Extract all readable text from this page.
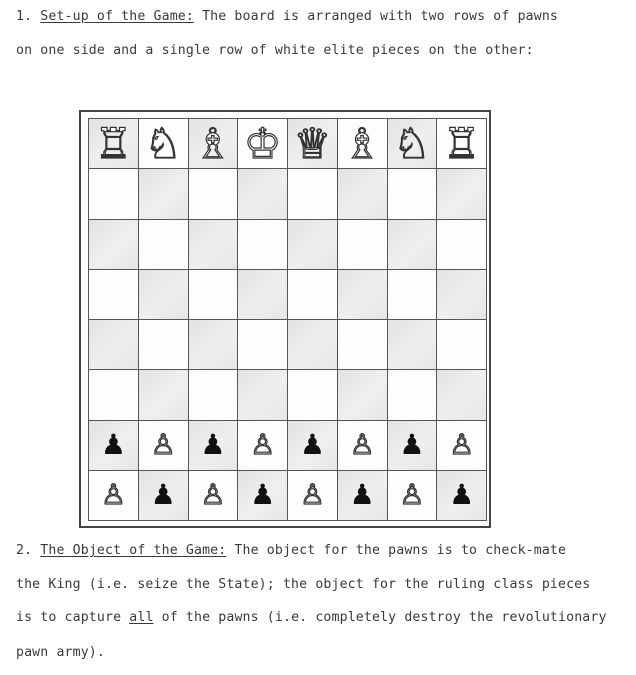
1. Set-up of the Game: The board is arranged with two rows of pawns
on one side and a single row of white elite pieces on the other:
♖ ♘ ♗ ♔ ♕ ♗ ♘ ♖
♟ ♙ ♟ ♙ ♟ ♙ ♟ ♙
♙ ♟ ♙ ♟ ♙ ♟ ♙ ♟
2. The Object of the Game: The object for the pawns is to check-mate
the King (i.e. seize the State); the object for the ruling class pieces
is to capture all of the pawns (i.e. completely destroy the revolutionary
pawn army).
